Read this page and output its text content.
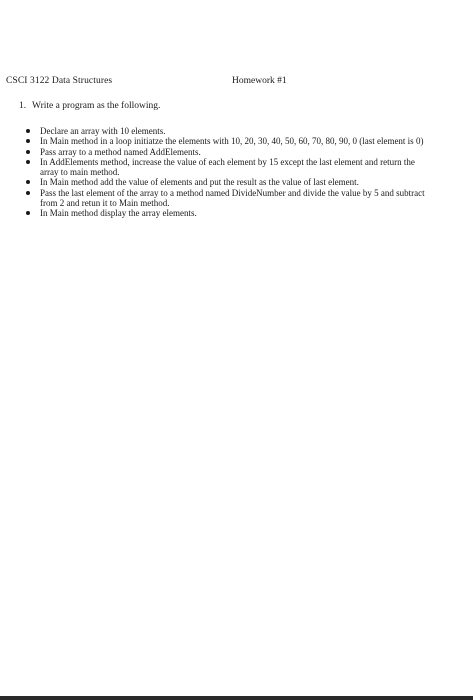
CSCI 3122 Data Structures	Homework #1
1. Write a program as the following.
Declare an array with 10 elements.
In Main method in a loop initiatze the elements with 10, 20, 30, 40, 50, 60, 70, 80, 90, 0 (last element is 0)
Pass array to a method named AddElements.
In AddElements method, increase the value of each element by 15 except the last element and return the array to main method.
In Main method add the value of elements and put the result as the value of last element.
Pass the last element of the array to a method named DivideNumber and divide the value by 5 and subtract from 2 and retun it to Main method.
In Main method display the array elements.
